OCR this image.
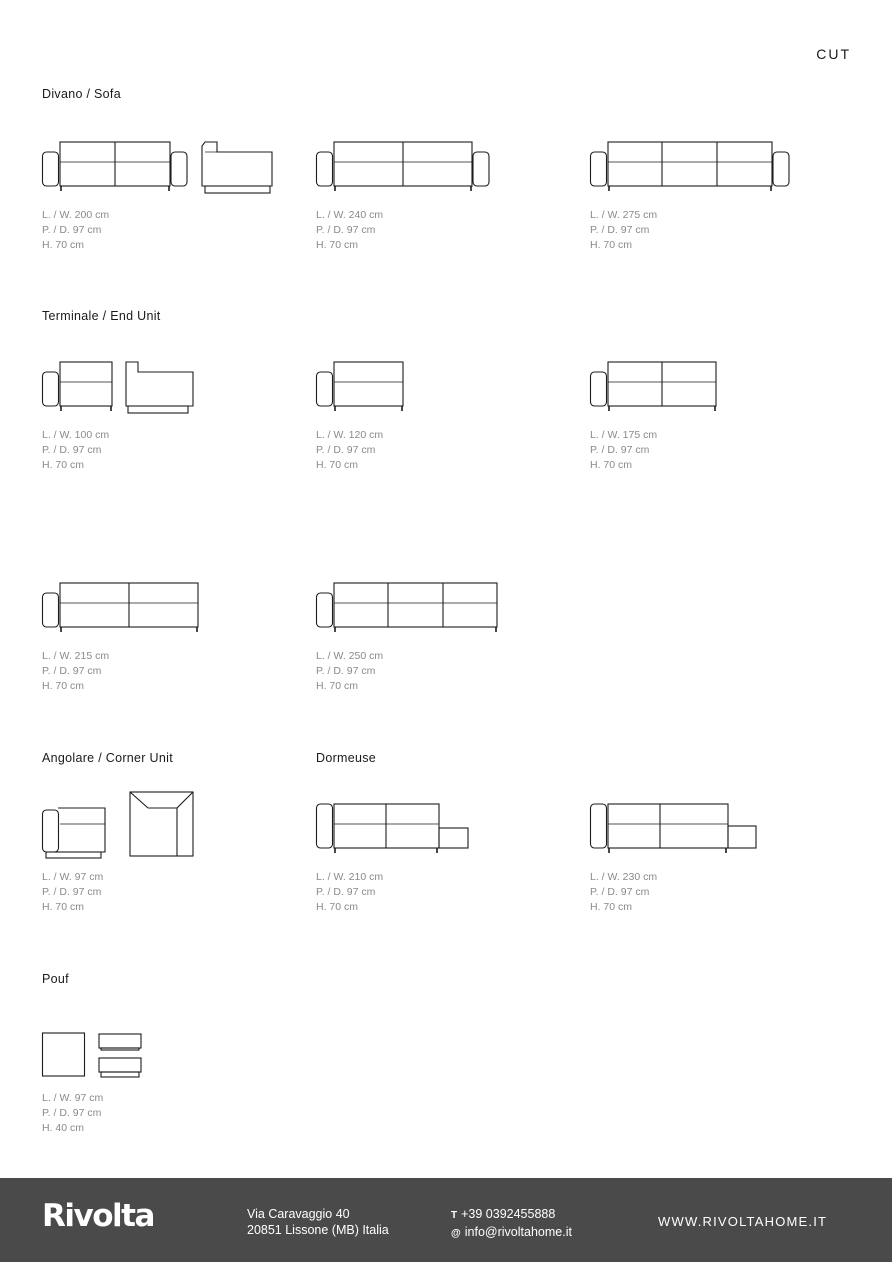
CUT
Divano / Sofa
Terminale / End Unit
Angolare / Corner Unit	Dormeuse
Pouf
L. / W. 200 cm
P. / D. 97 cm
H. 70 cm
L. / W. 240 cm
P. / D. 97 cm
H. 70 cm
L. / W. 275 cm
P. / D. 97 cm
H. 70 cm
L. / W. 100 cm
P. / D. 97 cm
H. 70 cm
L. / W. 120 cm
P. / D. 97 cm
H. 70 cm
L. / W. 175 cm
P. / D. 97 cm
H. 70 cm
L. / W. 215 cm
P. / D. 97 cm
H. 70 cm
L. / W. 250 cm
P. / D. 97 cm
H. 70 cm
L. / W. 97 cm
P. / D. 97 cm
H. 70 cm
L. / W. 210 cm
P. / D. 97 cm
H. 70 cm
L. / W. 230 cm
P. / D. 97 cm
H. 70 cm
L. / W. 97 cm
P. / D. 97 cm
H. 40 cm
Rivolta	Via Caravaggio 40
20851 Lissone (MB) Italia
T +39 0392455888
@ info@rivoltahome.it
WWW.RIVOLTAHOME.IT
